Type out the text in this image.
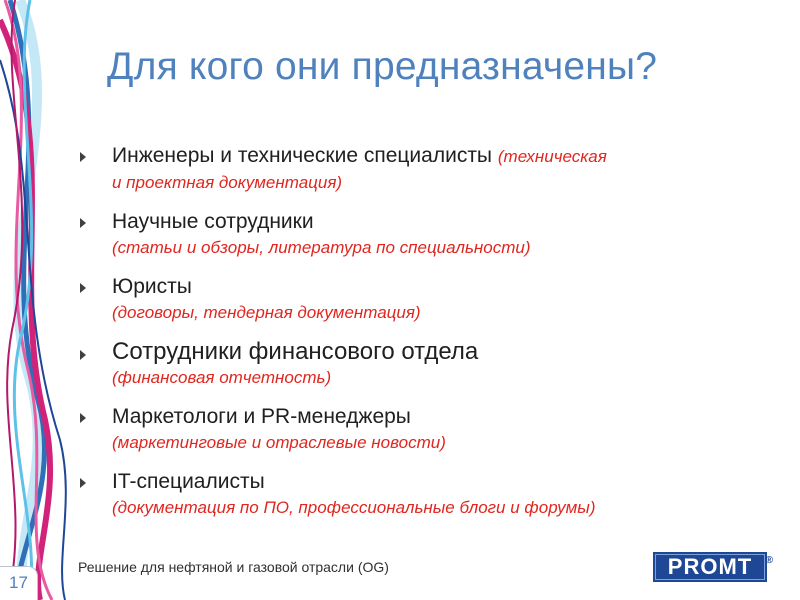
Для кого они предназначены?
Инженеры и технические специалисты (техническая
и проектная документация)
Научные сотрудники
(статьи и обзоры, литература по специальности)
Юристы
(договоры, тендерная документация)
Сотрудники финансового отдела
(финансовая отчетность)
Маркетологи и PR-менеджеры
(маркетинговые и отраслевые новости)
IT-специалисты
(документация по ПО, профессиональные блоги и форумы)
17
Решение для нефтяной и газовой отрасли (OG)	PROMT ®
